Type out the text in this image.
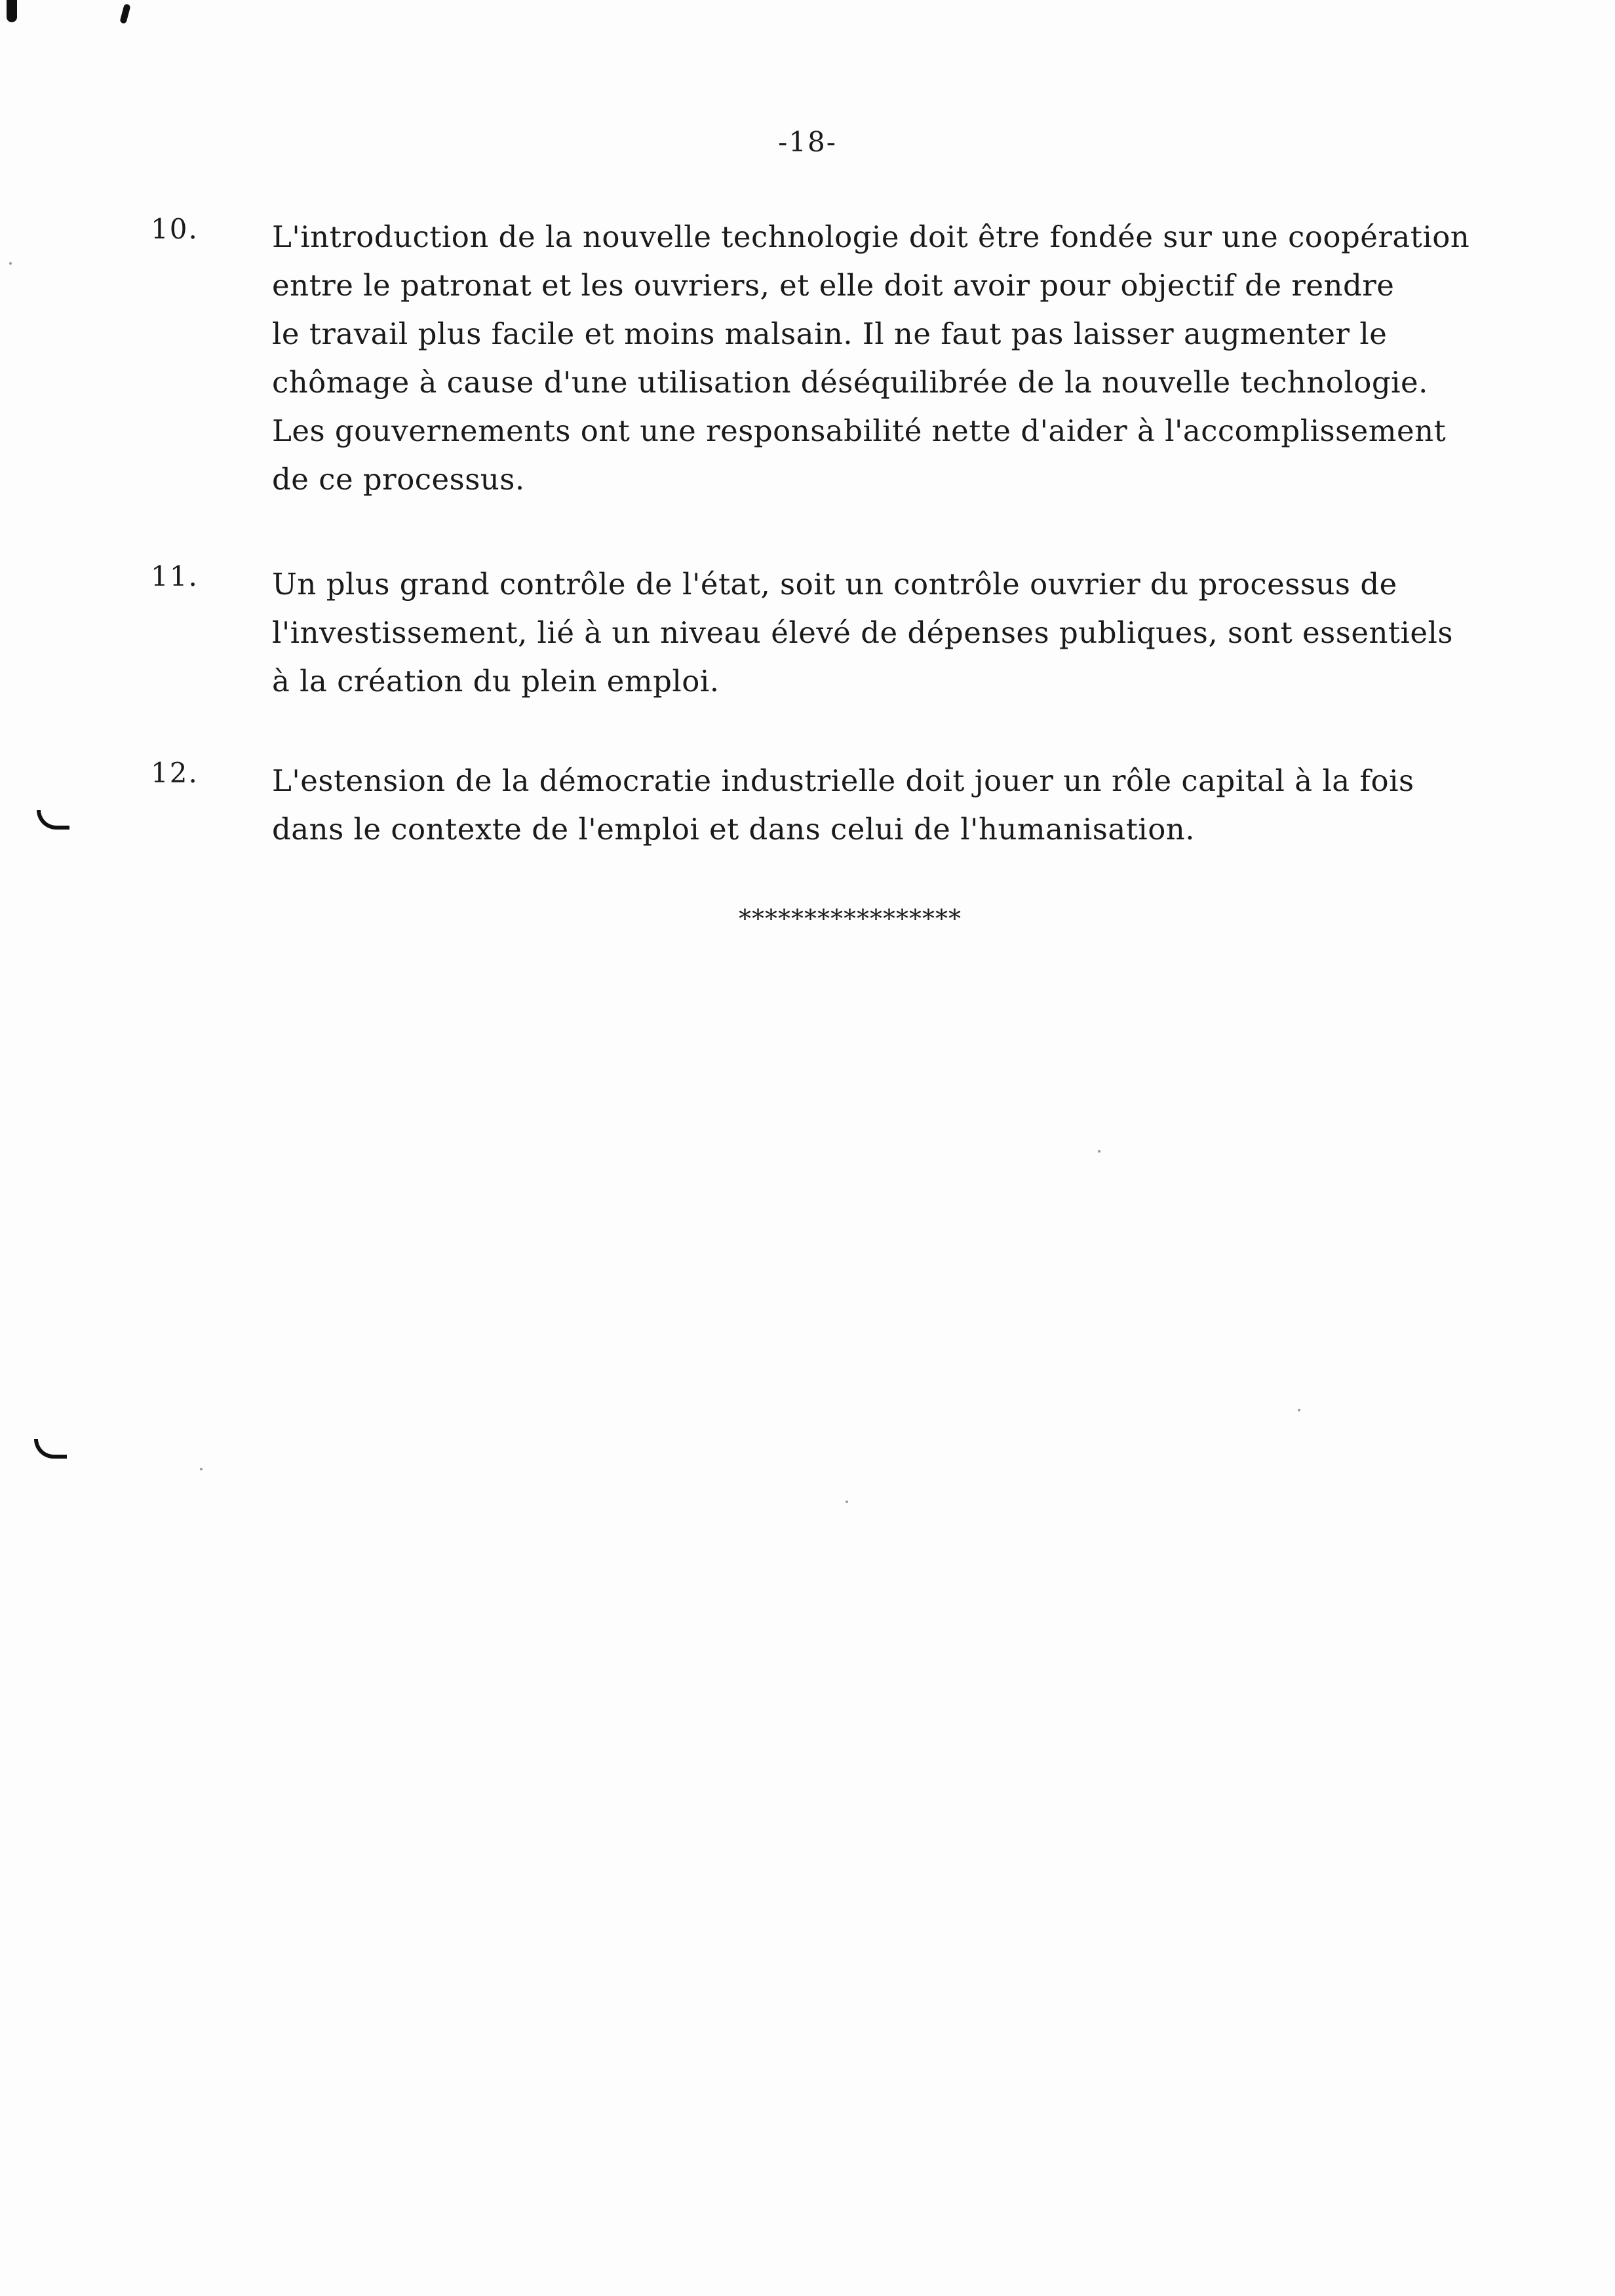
-18-
10. L'introduction de la nouvelle technologie doit être fondée sur une coopération
entre le patronat et les ouvriers, et elle doit avoir pour objectif de rendre
le travail plus facile et moins malsain. Il ne faut pas laisser augmenter le
chômage à cause d'une utilisation déséquilibrée de la nouvelle technologie.
Les gouvernements ont une responsabilité nette d'aider à l'accomplissement
de ce processus.
11. Un plus grand contrôle de l'état, soit un contrôle ouvrier du processus de
l'investissement, lié à un niveau élevé de dépenses publiques, sont essentiels
à la création du plein emploi.
12. L'estension de la démocratie industrielle doit jouer un rôle capital à la fois
dans le contexte de l'emploi et dans celui de l'humanisation.
*****************
